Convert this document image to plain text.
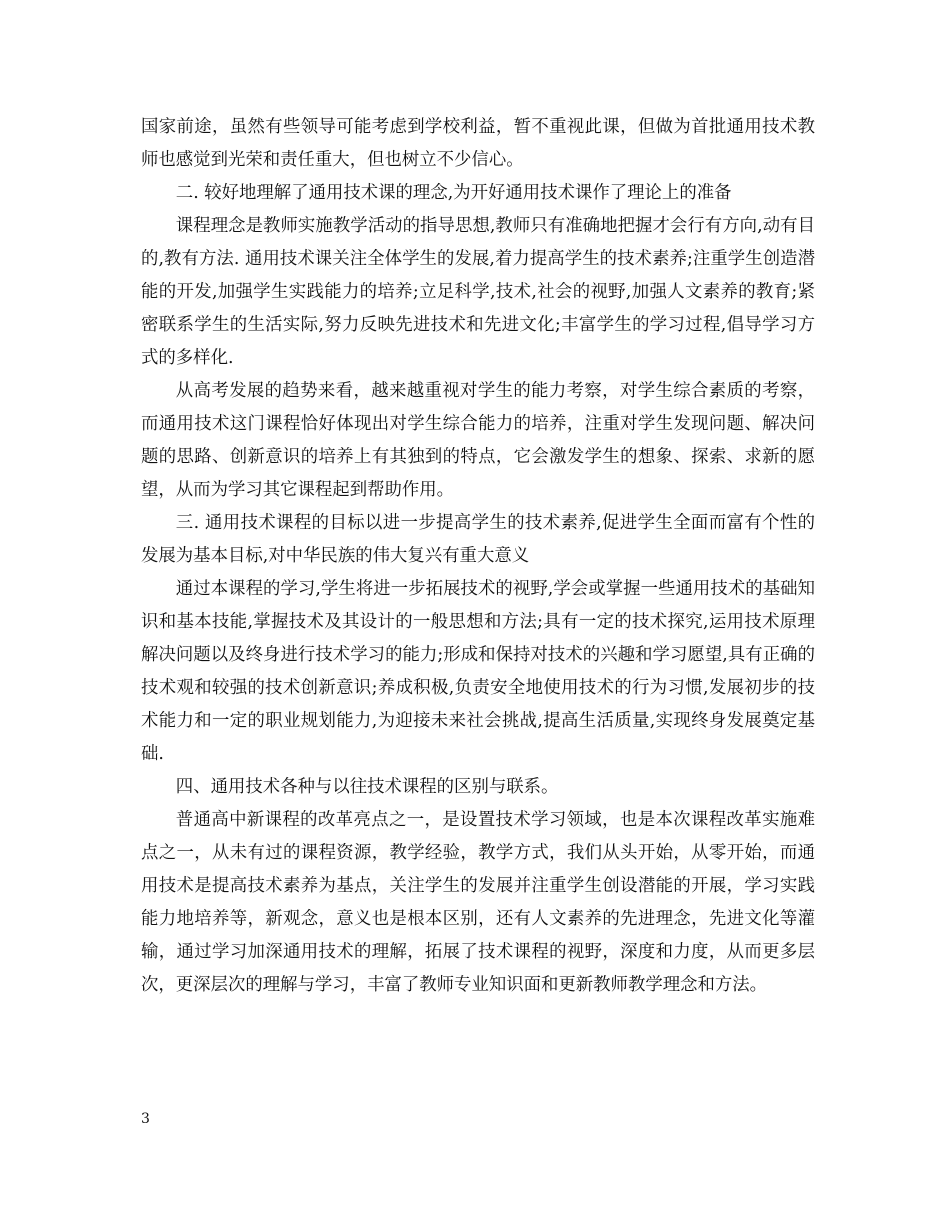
国家前途，虽然有些领导可能考虑到学校利益，暂不重视此课，但做为首批通用技术教师也感觉到光荣和责任重大，但也树立不少信心。

二. 较好地理解了通用技术课的理念,为开好通用技术课作了理论上的准备

课程理念是教师实施教学活动的指导思想,教师只有准确地把握才会行有方向,动有目的,教有方法. 通用技术课关注全体学生的发展,着力提高学生的技术素养;注重学生创造潜能的开发,加强学生实践能力的培养;立足科学,技术,社会的视野,加强人文素养的教育;紧密联系学生的生活实际,努力反映先进技术和先进文化;丰富学生的学习过程,倡导学习方式的多样化.

从高考发展的趋势来看，越来越重视对学生的能力考察，对学生综合素质的考察，而通用技术这门课程恰好体现出对学生综合能力的培养，注重对学生发现问题、解决问题的思路、创新意识的培养上有其独到的特点，它会激发学生的想象、探索、求新的愿望，从而为学习其它课程起到帮助作用。

三. 通用技术课程的目标以进一步提高学生的技术素养,促进学生全面而富有个性的发展为基本目标,对中华民族的伟大复兴有重大意义

通过本课程的学习,学生将进一步拓展技术的视野,学会或掌握一些通用技术的基础知识和基本技能,掌握技术及其设计的一般思想和方法;具有一定的技术探究,运用技术原理解决问题以及终身进行技术学习的能力;形成和保持对技术的兴趣和学习愿望,具有正确的技术观和较强的技术创新意识;养成积极,负责安全地使用技术的行为习惯,发展初步的技术能力和一定的职业规划能力,为迎接未来社会挑战,提高生活质量,实现终身发展奠定基础.

四、通用技术各种与以往技术课程的区别与联系。

普通高中新课程的改革亮点之一，是设置技术学习领域，也是本次课程改革实施难点之一，从未有过的课程资源，教学经验，教学方式，我们从头开始，从零开始，而通用技术是提高技术素养为基点，关注学生的发展并注重学生创设潜能的开展，学习实践能力地培养等，新观念，意义也是根本区别，还有人文素养的先进理念，先进文化等灌输，通过学习加深通用技术的理解，拓展了技术课程的视野，深度和力度，从而更多层次，更深层次的理解与学习，丰富了教师专业知识面和更新教师教学理念和方法。

3
